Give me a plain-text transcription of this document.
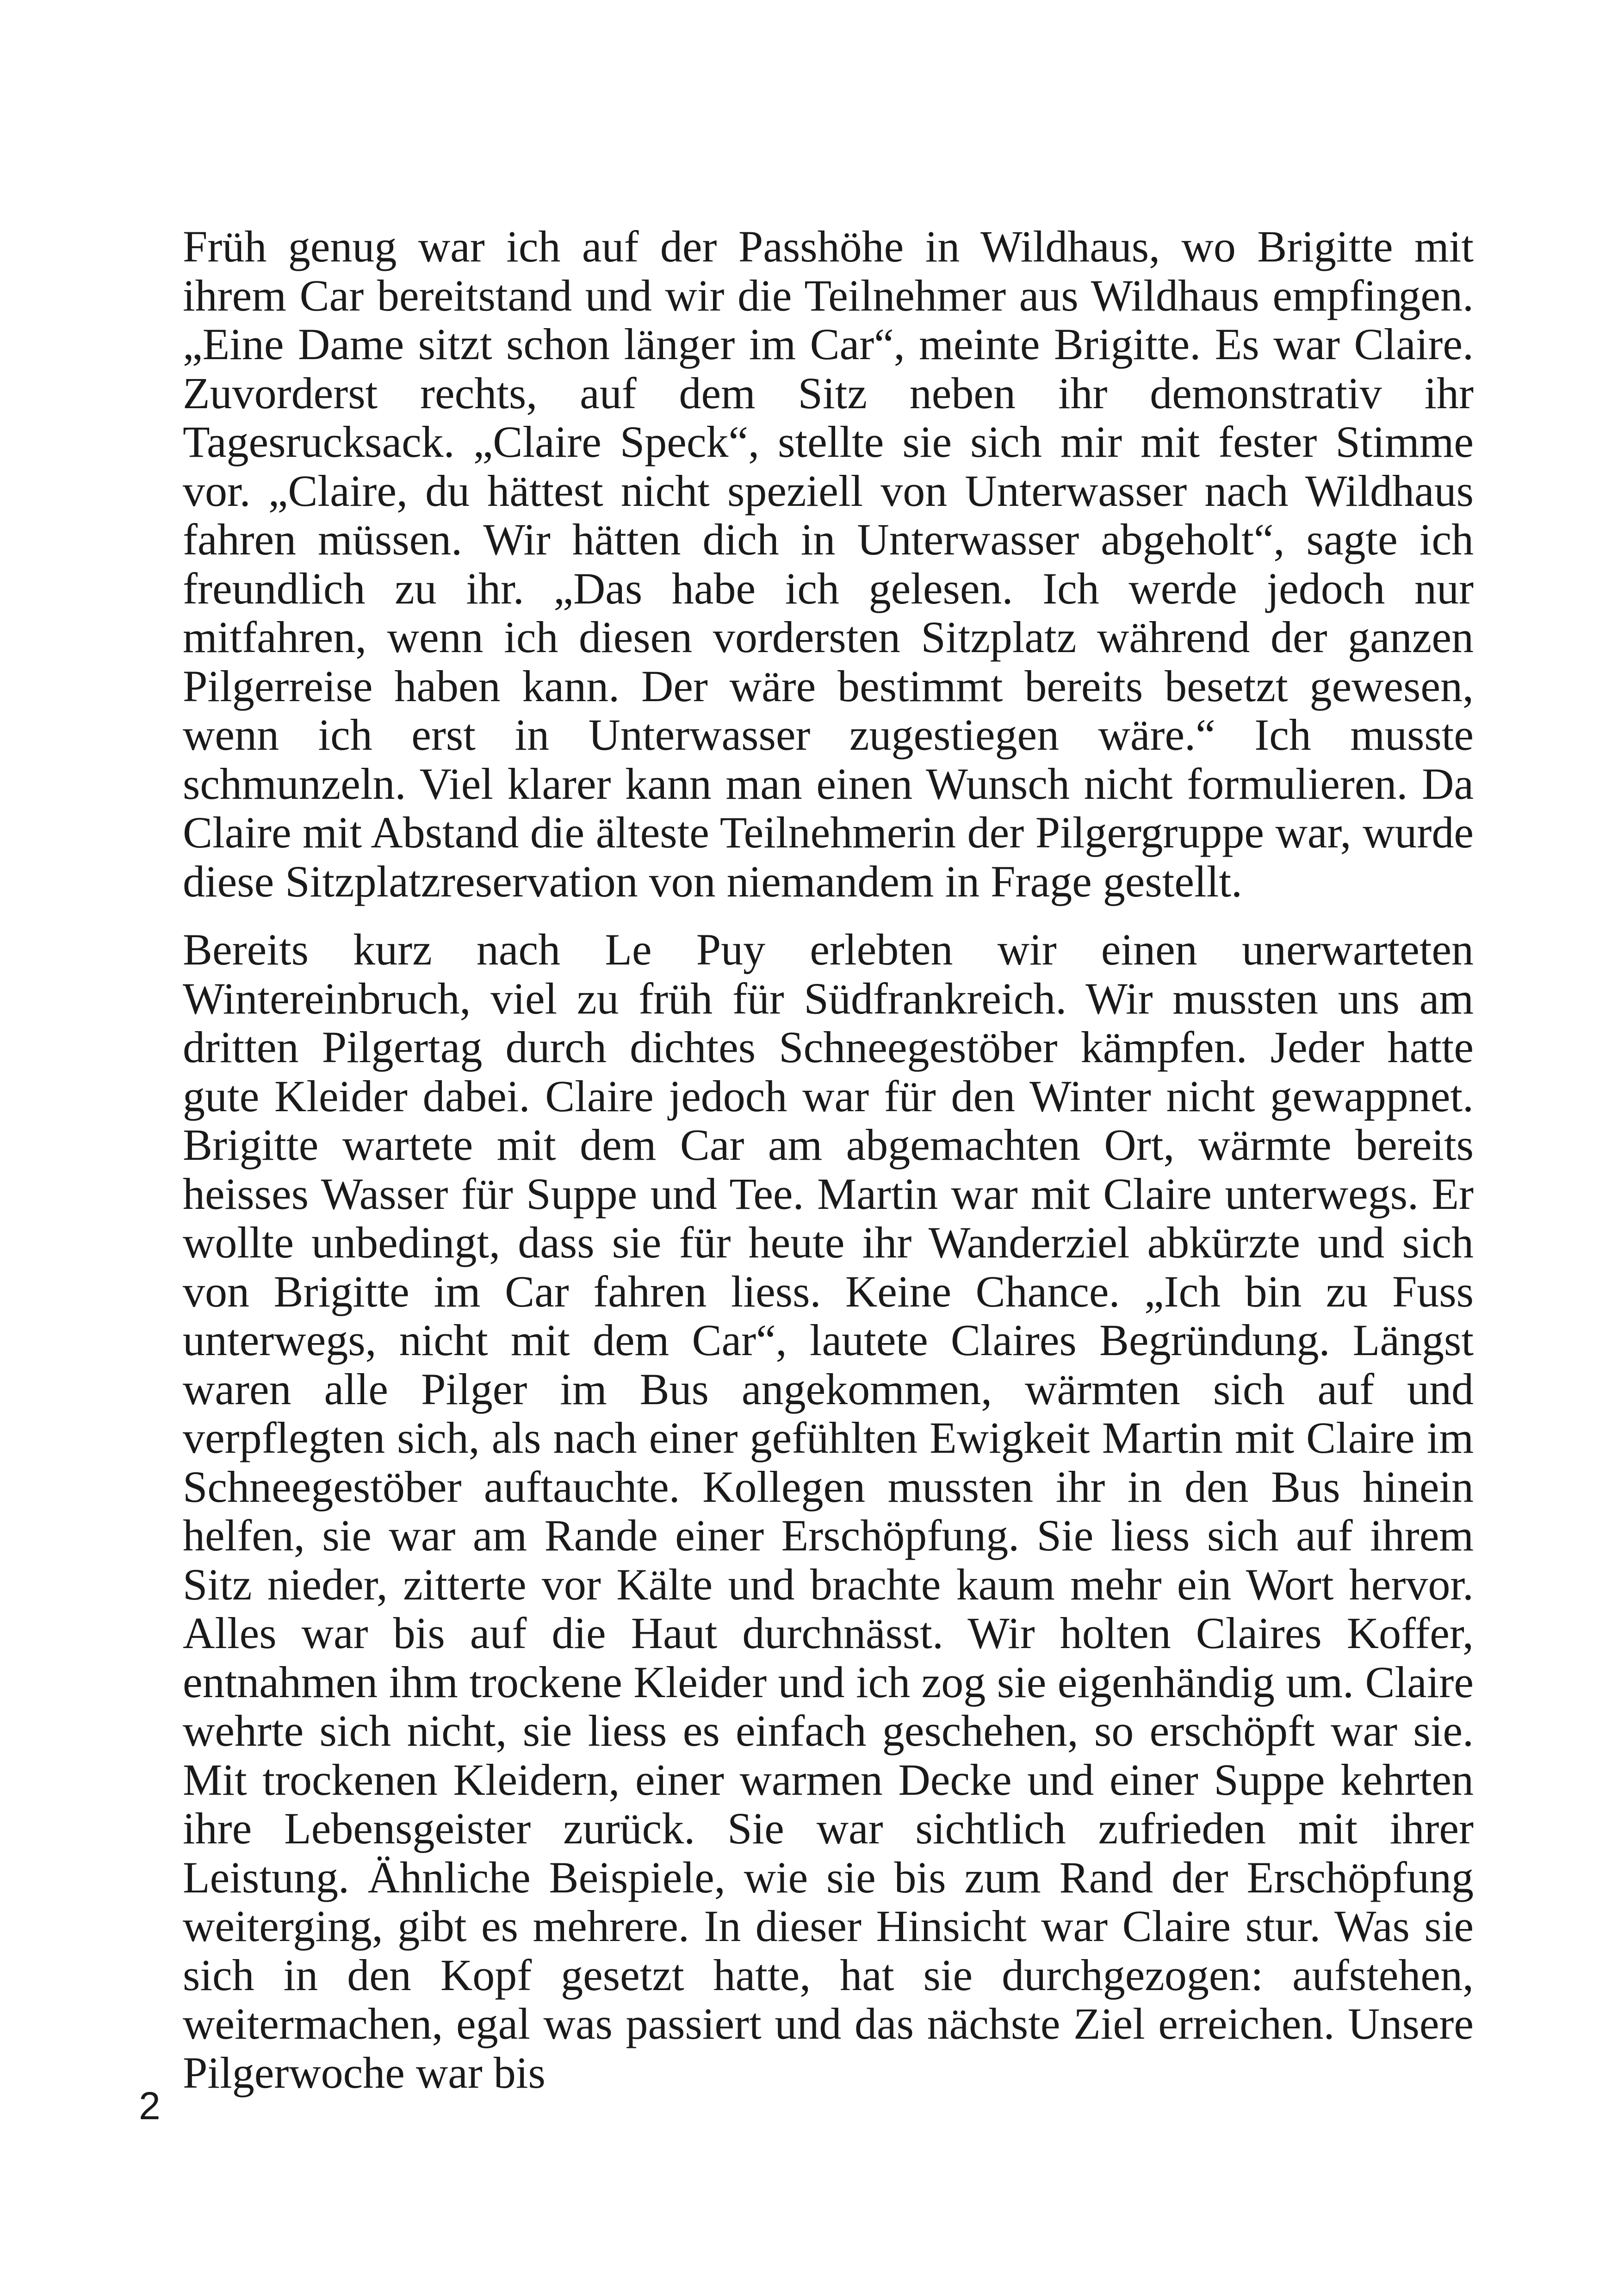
Früh genug war ich auf der Passhöhe in Wildhaus, wo Brigitte mit ihrem Car bereitstand und wir die Teilnehmer aus Wildhaus empfingen. „Eine Dame sitzt schon länger im Car“, meinte Brigitte. Es war Claire. Zuvorderst rechts, auf dem Sitz neben ihr demonstrativ ihr Tagesrucksack. „Claire Speck“, stellte sie sich mir mit fester Stimme vor. „Claire, du hättest nicht speziell von Unterwasser nach Wildhaus fahren müssen. Wir hätten dich in Unterwasser abgeholt“, sagte ich freundlich zu ihr. „Das habe ich gelesen. Ich werde jedoch nur mitfahren, wenn ich diesen vordersten Sitzplatz während der ganzen Pilgerreise haben kann. Der wäre bestimmt bereits besetzt gewesen, wenn ich erst in Unterwasser zugestiegen wäre.“ Ich musste schmunzeln. Viel klarer kann man einen Wunsch nicht formulieren. Da Claire mit Abstand die älteste Teilnehmerin der Pilgergruppe war, wurde diese Sitzplatzreservation von niemandem in Frage gestellt.

Bereits kurz nach Le Puy erlebten wir einen unerwarteten Wintereinbruch, viel zu früh für Südfrankreich. Wir mussten uns am dritten Pilgertag durch dichtes Schneegestöber kämpfen. Jeder hatte gute Kleider dabei. Claire jedoch war für den Winter nicht gewappnet. Brigitte wartete mit dem Car am abgemachten Ort, wärmte bereits heisses Wasser für Suppe und Tee. Martin war mit Claire unterwegs. Er wollte unbedingt, dass sie für heute ihr Wanderziel abkürzte und sich von Brigitte im Car fahren liess. Keine Chance. „Ich bin zu Fuss unterwegs, nicht mit dem Car“, lautete Claires Begründung. Längst waren alle Pilger im Bus angekommen, wärmten sich auf und verpflegten sich, als nach einer gefühlten Ewigkeit Martin mit Claire im Schneegestöber auftauchte. Kollegen mussten ihr in den Bus hinein helfen, sie war am Rande einer Erschöpfung. Sie liess sich auf ihrem Sitz nieder, zitterte vor Kälte und brachte kaum mehr ein Wort hervor. Alles war bis auf die Haut durchnässt. Wir holten Claires Koffer, entnahmen ihm trockene Kleider und ich zog sie eigenhändig um. Claire wehrte sich nicht, sie liess es einfach geschehen, so erschöpft war sie. Mit trockenen Kleidern, einer warmen Decke und einer Suppe kehrten ihre Lebensgeister zurück. Sie war sichtlich zufrieden mit ihrer Leistung. Ähnliche Beispiele, wie sie bis zum Rand der Erschöpfung weiterging, gibt es mehrere. In dieser Hinsicht war Claire stur. Was sie sich in den Kopf gesetzt hatte, hat sie durchgezogen: aufstehen, weitermachen, egal was passiert und das nächste Ziel erreichen. Unsere Pilgerwoche war bis

2
